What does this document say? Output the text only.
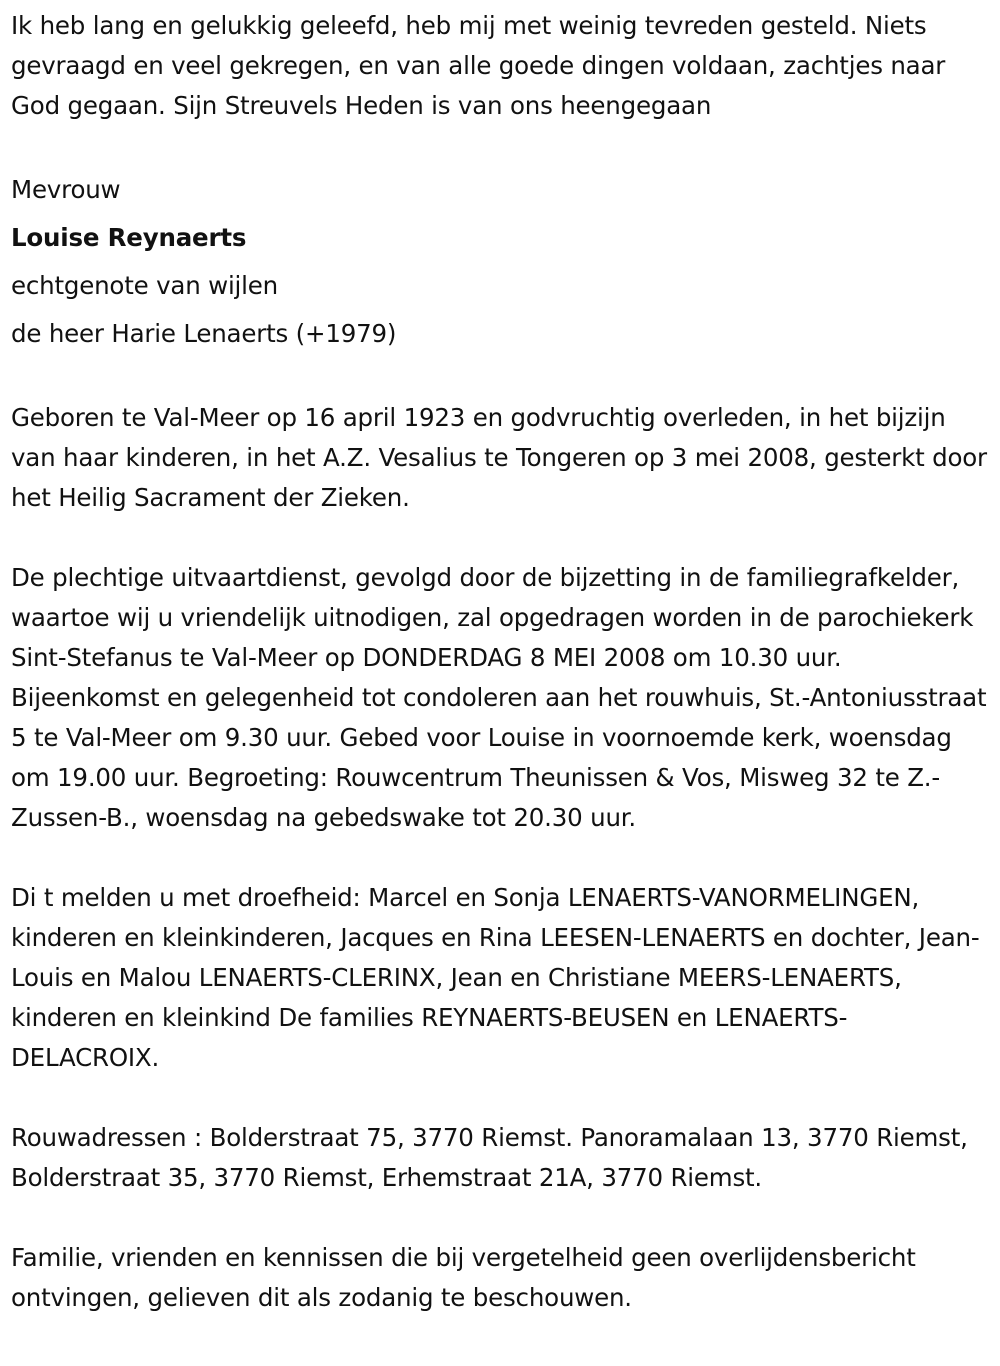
Ik heb lang en gelukkig geleefd, heb mij met weinig tevreden gesteld. Niets gevraagd en veel gekregen, en van alle goede dingen voldaan, zachtjes naar God gegaan. Sijn Streuvels Heden is van ons heengegaan

Mevrouw

Louise Reynaerts

echtgenote van wijlen

de heer Harie Lenaerts (+1979)

Geboren te Val-Meer op 16 april 1923 en godvruchtig overleden, in het bijzijn van haar kinderen, in het A.Z. Vesalius te Tongeren op 3 mei 2008, gesterkt door het Heilig Sacrament der Zieken.

De plechtige uitvaartdienst, gevolgd door de bijzetting in de familiegrafkelder, waartoe wij u vriendelijk uitnodigen, zal opgedragen worden in de parochiekerk Sint-Stefanus te Val-Meer op DONDERDAG 8 MEI 2008 om 10.30 uur. Bijeenkomst en gelegenheid tot condoleren aan het rouwhuis, St.-Antoniusstraat 5 te Val-Meer om 9.30 uur. Gebed voor Louise in voornoemde kerk, woensdag om 19.00 uur. Begroeting: Rouwcentrum Theunissen & Vos, Misweg 32 te Z.-Zussen-B., woensdag na gebedswake tot 20.30 uur.

Di t melden u met droefheid: Marcel en Sonja LENAERTS-VANORMELINGEN, kinderen en kleinkinderen, Jacques en Rina LEESEN-LENAERTS en dochter, Jean-Louis en Malou LENAERTS-CLERINX, Jean en Christiane MEERS-LENAERTS, kinderen en kleinkind De families REYNAERTS-BEUSEN en LENAERTS-DELACROIX.

Rouwadressen : Bolderstraat 75, 3770 Riemst. Panoramalaan 13, 3770 Riemst, Bolderstraat 35, 3770 Riemst, Erhemstraat 21A, 3770 Riemst.

Familie, vrienden en kennissen die bij vergetelheid geen overlijdensbericht ontvingen, gelieven dit als zodanig te beschouwen.
